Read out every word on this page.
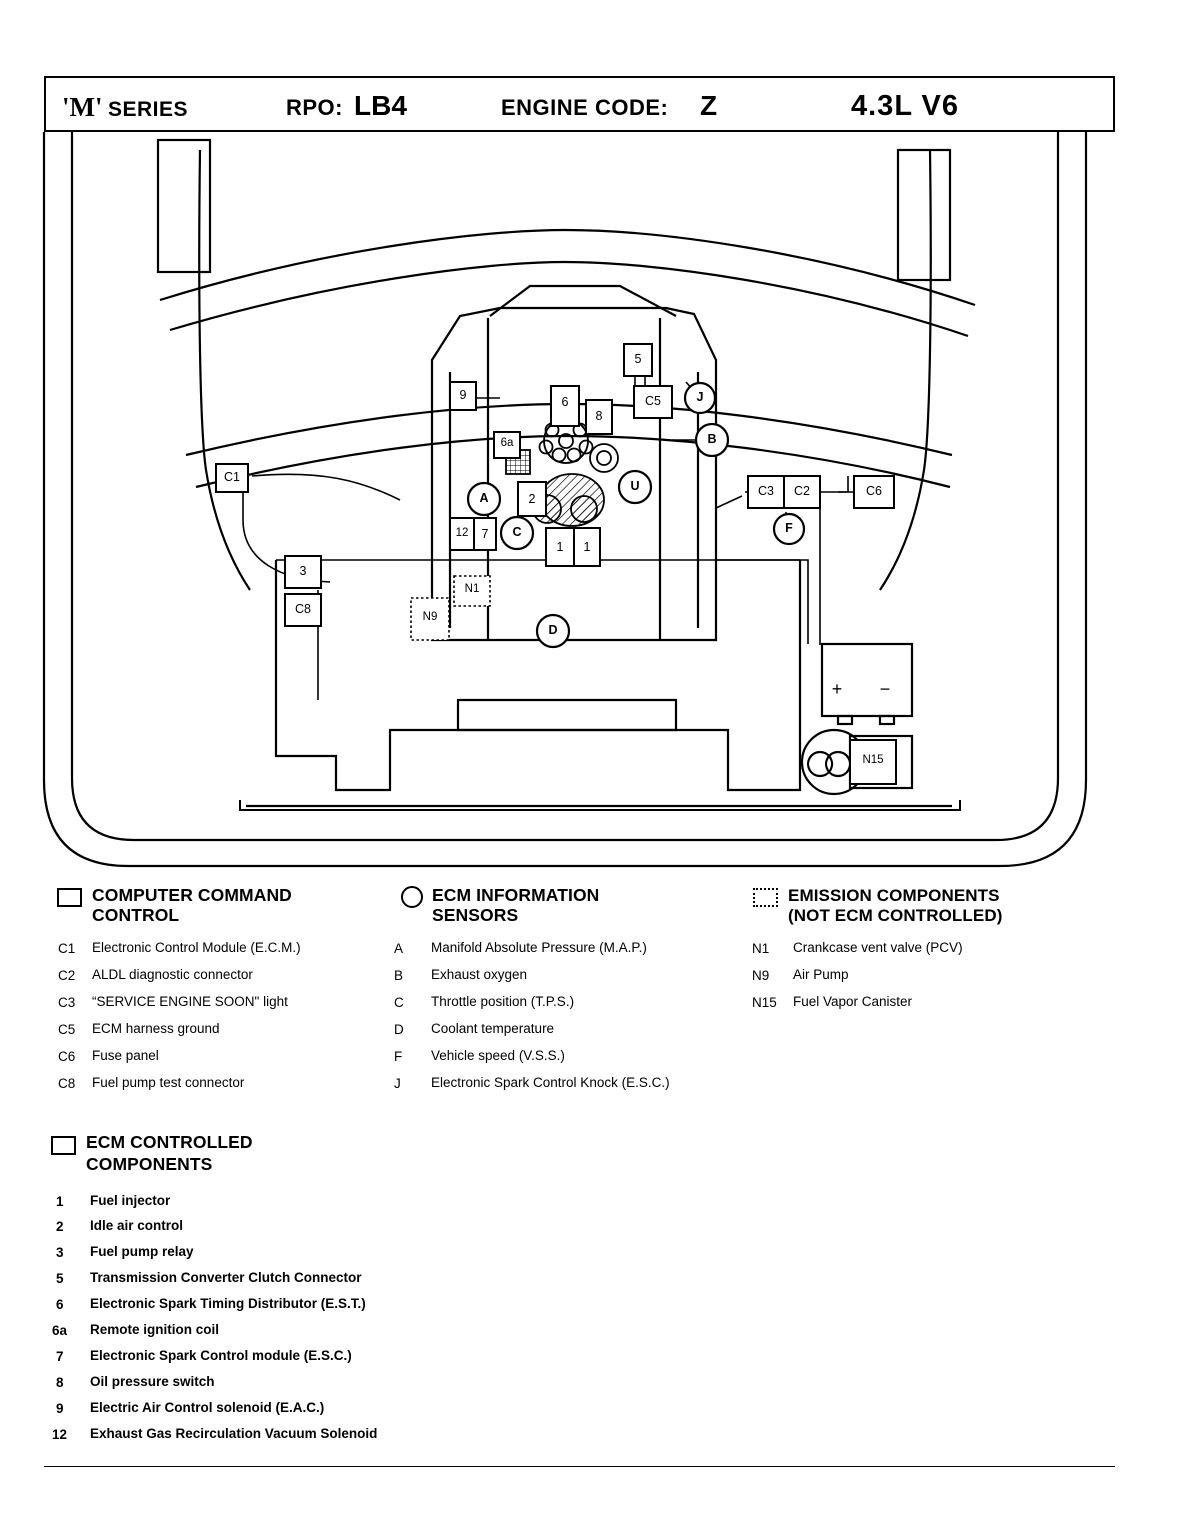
'M' SERIES	RPO: LB4	ENGINE CODE: Z	4.3L V6
C1
C5
C3	C2	C6
C8
N1
N9
N15
A
B
C
D
F
J
U
1	1
2
3
5
6
6a
7
8
9
12
+	−
COMPUTER COMMAND
CONTROL
C1 Electronic Control Module (E.C.M.)
C2 ALDL diagnostic connector
C3 “SERVICE ENGINE SOON" light
C5 ECM harness ground
C6 Fuse panel
C8 Fuel pump test connector
ECM INFORMATION
SENSORS
A Manifold Absolute Pressure (M.A.P.)
B Exhaust oxygen
C Throttle position (T.P.S.)
D Coolant temperature
F Vehicle speed (V.S.S.)
J Electronic Spark Control Knock (E.S.C.)
EMISSION COMPONENTS
(NOT ECM CONTROLLED)
N1 Crankcase vent valve (PCV)
N9 Air Pump
N15 Fuel Vapor Canister
ECM CONTROLLED
COMPONENTS
1 Fuel injector
2 Idle air control
3 Fuel pump relay
5 Transmission Converter Clutch Connector
6 Electronic Spark Timing Distributor (E.S.T.)
6a Remote ignition coil
7 Electronic Spark Control module (E.S.C.)
8 Oil pressure switch
9 Electric Air Control solenoid (E.A.C.)
12 Exhaust Gas Recirculation Vacuum Solenoid
